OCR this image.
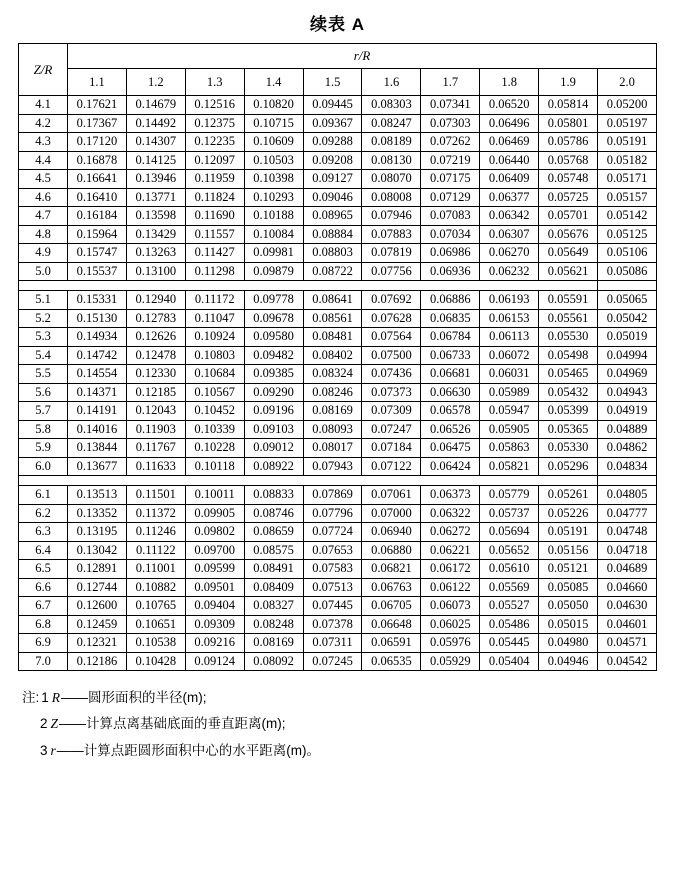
续表 A
Z/R	r/R									
	1.1	1.2	1.3	1.4	1.5	1.6	1.7	1.8	1.9	2.0
4.1	0.17621	0.14679	0.12516	0.10820	0.09445	0.08303	0.07341	0.06520	0.05814	0.05200
4.2	0.17367	0.14492	0.12375	0.10715	0.09367	0.08247	0.07303	0.06496	0.05801	0.05197
4.3	0.17120	0.14307	0.12235	0.10609	0.09288	0.08189	0.07262	0.06469	0.05786	0.05191
4.4	0.16878	0.14125	0.12097	0.10503	0.09208	0.08130	0.07219	0.06440	0.05768	0.05182
4.5	0.16641	0.13946	0.11959	0.10398	0.09127	0.08070	0.07175	0.06409	0.05748	0.05171
4.6	0.16410	0.13771	0.11824	0.10293	0.09046	0.08008	0.07129	0.06377	0.05725	0.05157
4.7	0.16184	0.13598	0.11690	0.10188	0.08965	0.07946	0.07083	0.06342	0.05701	0.05142
4.8	0.15964	0.13429	0.11557	0.10084	0.08884	0.07883	0.07034	0.06307	0.05676	0.05125
4.9	0.15747	0.13263	0.11427	0.09981	0.08803	0.07819	0.06986	0.06270	0.05649	0.05106
5.0	0.15537	0.13100	0.11298	0.09879	0.08722	0.07756	0.06936	0.06232	0.05621	0.05086

5.1	0.15331	0.12940	0.11172	0.09778	0.08641	0.07692	0.06886	0.06193	0.05591	0.05065
5.2	0.15130	0.12783	0.11047	0.09678	0.08561	0.07628	0.06835	0.06153	0.05561	0.05042
5.3	0.14934	0.12626	0.10924	0.09580	0.08481	0.07564	0.06784	0.06113	0.05530	0.05019
5.4	0.14742	0.12478	0.10803	0.09482	0.08402	0.07500	0.06733	0.06072	0.05498	0.04994
5.5	0.14554	0.12330	0.10684	0.09385	0.08324	0.07436	0.06681	0.06031	0.05465	0.04969
5.6	0.14371	0.12185	0.10567	0.09290	0.08246	0.07373	0.06630	0.05989	0.05432	0.04943
5.7	0.14191	0.12043	0.10452	0.09196	0.08169	0.07309	0.06578	0.05947	0.05399	0.04919
5.8	0.14016	0.11903	0.10339	0.09103	0.08093	0.07247	0.06526	0.05905	0.05365	0.04889
5.9	0.13844	0.11767	0.10228	0.09012	0.08017	0.07184	0.06475	0.05863	0.05330	0.04862
6.0	0.13677	0.11633	0.10118	0.08922	0.07943	0.07122	0.06424	0.05821	0.05296	0.04834

6.1	0.13513	0.11501	0.10011	0.08833	0.07869	0.07061	0.06373	0.05779	0.05261	0.04805
6.2	0.13352	0.11372	0.09905	0.08746	0.07796	0.07000	0.06322	0.05737	0.05226	0.04777
6.3	0.13195	0.11246	0.09802	0.08659	0.07724	0.06940	0.06272	0.05694	0.05191	0.04748
6.4	0.13042	0.11122	0.09700	0.08575	0.07653	0.06880	0.06221	0.05652	0.05156	0.04718
6.5	0.12891	0.11001	0.09599	0.08491	0.07583	0.06821	0.06172	0.05610	0.05121	0.04689
6.6	0.12744	0.10882	0.09501	0.08409	0.07513	0.06763	0.06122	0.05569	0.05085	0.04660
6.7	0.12600	0.10765	0.09404	0.08327	0.07445	0.06705	0.06073	0.05527	0.05050	0.04630
6.8	0.12459	0.10651	0.09309	0.08248	0.07378	0.06648	0.06025	0.05486	0.05015	0.04601
6.9	0.12321	0.10538	0.09216	0.08169	0.07311	0.06591	0.05976	0.05445	0.04980	0.04571
7.0	0.12186	0.10428	0.09124	0.08092	0.07245	0.06535	0.05929	0.05404	0.04946	0.04542
注: 1 R ——圆形面积的半径(m);
2 Z ——计算点离基础底面的垂直距离(m);
3 r ——计算点距圆形面积中心的水平距离(m)。
